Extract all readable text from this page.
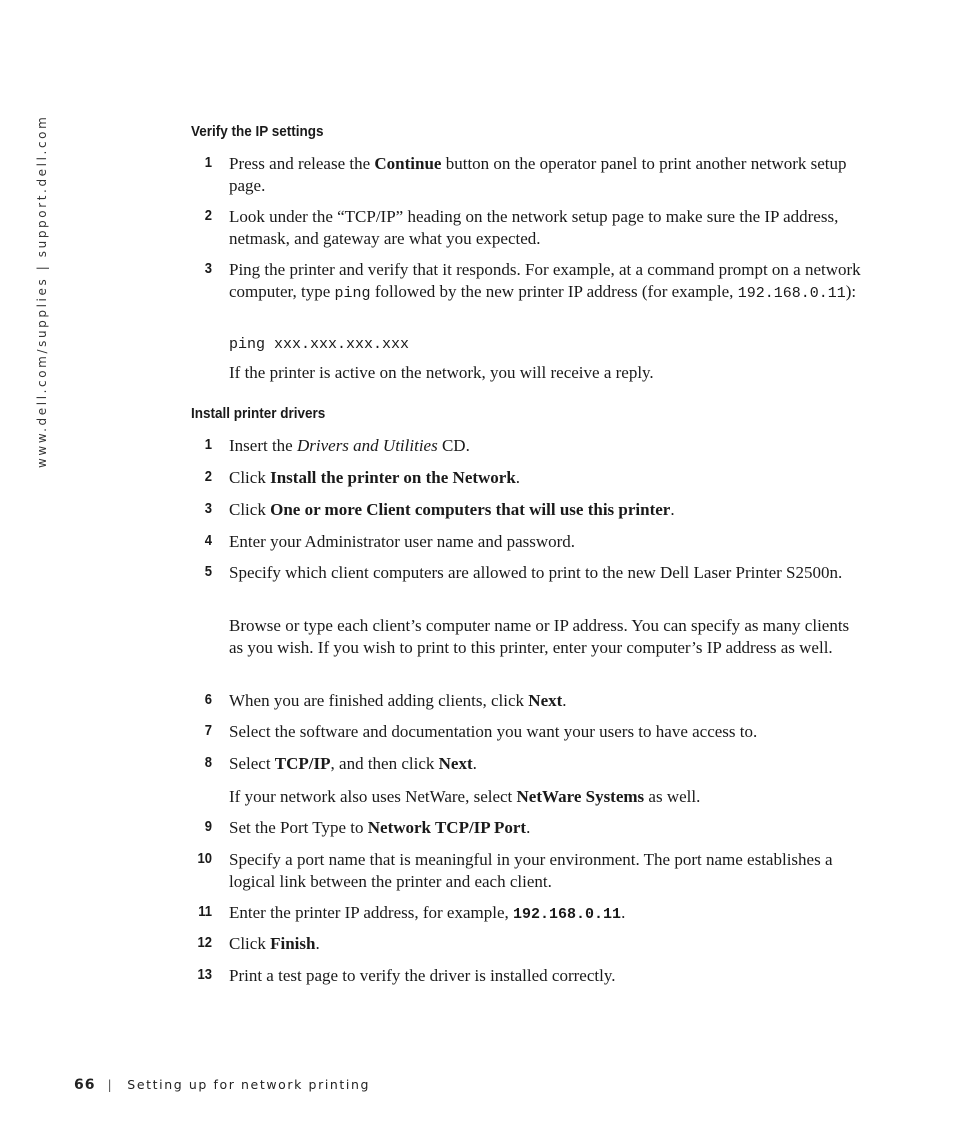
www.dell.com/supplies | support.dell.com	Verify the IP settings
1 Press and release the Continue button on the operator panel to print another network setup page.
2 Look under the “TCP/IP” heading on the network setup page to make sure the IP address, netmask, and gateway are what you expected.
3 Ping the printer and verify that it responds. For example, at a command prompt on a network computer, type ping followed by the new printer IP address (for example, 192.168.0.11):
ping xxx.xxx.xxx.xxx
If the printer is active on the network, you will receive a reply.
Install printer drivers
1 Insert the Drivers and Utilities CD.
2 Click Install the printer on the Network.
3 Click One or more Client computers that will use this printer.
4 Enter your Administrator user name and password.
5 Specify which client computers are allowed to print to the new Dell Laser Printer S2500n.
Browse or type each client’s computer name or IP address. You can specify as many clients as you wish. If you wish to print to this printer, enter your computer’s IP address as well.
6 When you are finished adding clients, click Next.
7 Select the software and documentation you want your users to have access to.
8 Select TCP/IP, and then click Next.
If your network also uses NetWare, select NetWare Systems as well.
9 Set the Port Type to Network TCP/IP Port.
10 Specify a port name that is meaningful in your environment. The port name establishes a logical link between the printer and each client.
11 Enter the printer IP address, for example, 192.168.0.11.
12 Click Finish.
13 Print a test page to verify the driver is installed correctly.
66 | Setting up for network printing
